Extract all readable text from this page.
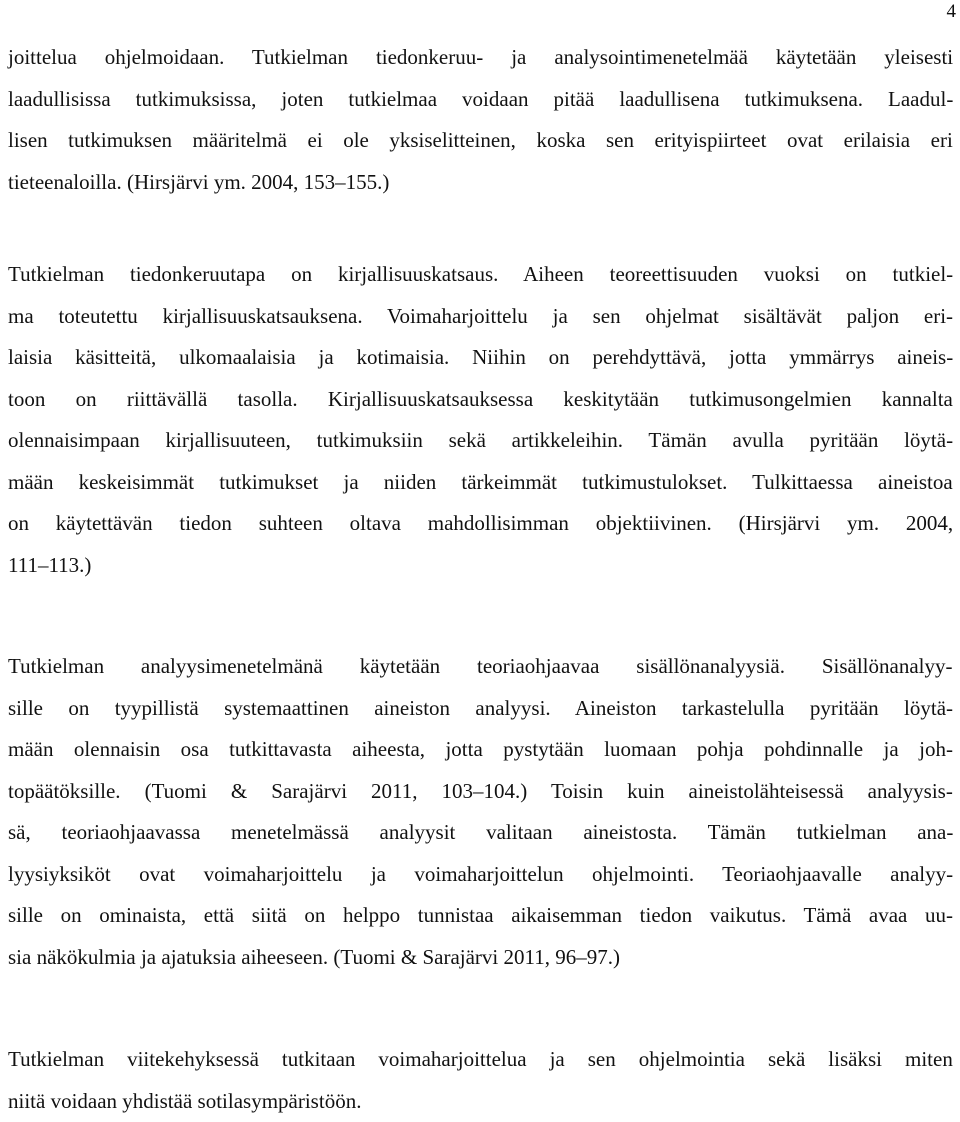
4
joittelua ohjelmoidaan. Tutkielman tiedonkeruu- ja analysointimenetelmää käytetään yleisesti
laadullisissa tutkimuksissa, joten tutkielmaa voidaan pitää laadullisena tutkimuksena. Laadul-
lisen tutkimuksen määritelmä ei ole yksiselitteinen, koska sen erityispiirteet ovat erilaisia eri
tieteenaloilla. (Hirsjärvi ym. 2004, 153–155.)
Tutkielman tiedonkeruutapa on kirjallisuuskatsaus. Aiheen teoreettisuuden vuoksi on tutkiel-
ma toteutettu kirjallisuuskatsauksena. Voimaharjoittelu ja sen ohjelmat sisältävät paljon eri-
laisia käsitteitä, ulkomaalaisia ja kotimaisia. Niihin on perehdyttävä, jotta ymmärrys aineis-
toon on riittävällä tasolla. Kirjallisuuskatsauksessa keskitytään tutkimusongelmien kannalta
olennaisimpaan kirjallisuuteen, tutkimuksiin sekä artikkeleihin. Tämän avulla pyritään löytä-
mään keskeisimmät tutkimukset ja niiden tärkeimmät tutkimustulokset. Tulkittaessa aineistoa
on käytettävän tiedon suhteen oltava mahdollisimman objektiivinen. (Hirsjärvi ym. 2004,
111–113.)
Tutkielman analyysimenetelmänä käytetään teoriaohjaavaa sisällönanalyysiä. Sisällönanalyy-
sille on tyypillistä systemaattinen aineiston analyysi. Aineiston tarkastelulla pyritään löytä-
mään olennaisin osa tutkittavasta aiheesta, jotta pystytään luomaan pohja pohdinnalle ja joh-
topäätöksille. (Tuomi & Sarajärvi 2011, 103–104.) Toisin kuin aineistolähteisessä analyysis-
sä, teoriaohjaavassa menetelmässä analyysit valitaan aineistosta. Tämän tutkielman ana-
lyysiyksiköt ovat voimaharjoittelu ja voimaharjoittelun ohjelmointi. Teoriaohjaavalle analyy-
sille on ominaista, että siitä on helppo tunnistaa aikaisemman tiedon vaikutus. Tämä avaa uu-
sia näkökulmia ja ajatuksia aiheeseen. (Tuomi & Sarajärvi 2011, 96–97.)
Tutkielman viitekehyksessä tutkitaan voimaharjoittelua ja sen ohjelmointia sekä lisäksi miten
niitä voidaan yhdistää sotilasympäristöön.
